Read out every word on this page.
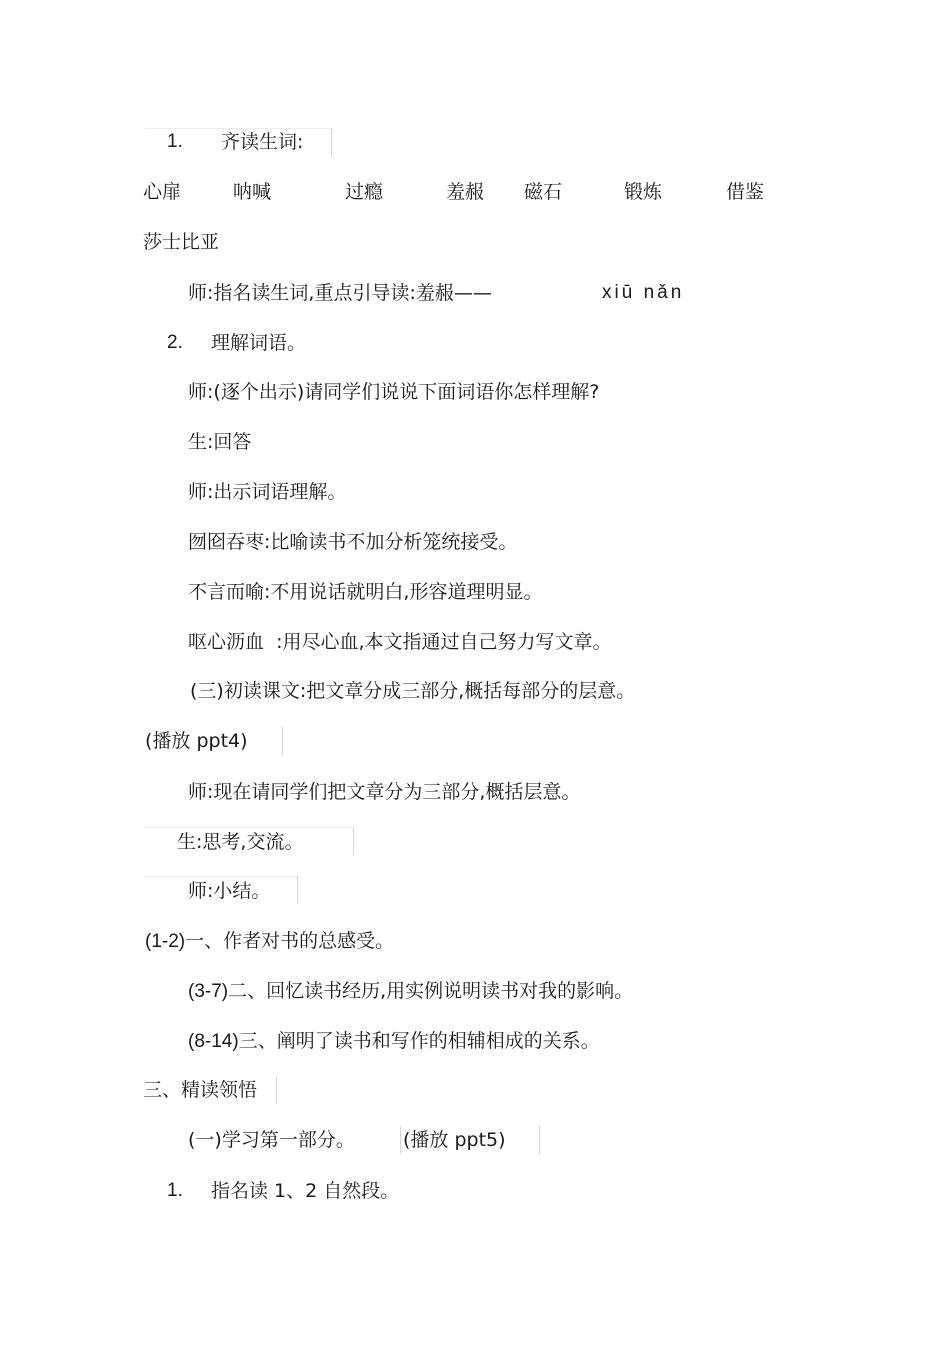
1. 齐读生词:
心扉	呐喊	过瘾	羞赧 磁石	锻炼	借鉴
莎士比亚
师:指名读生词,重点引导读:羞赧——	xiū nǎn
2. 理解词语。
师:(逐个出示)请同学们说说下面词语你怎样理解?
生:回答
师:出示词语理解。
囫囵吞枣:比喻读书不加分析笼统接受。
不言而喻:不用说话就明白,形容道理明显。
呕心沥血  :用尽心血,本文指通过自己努力写文章。
(三)初读课文:把文章分成三部分,概括每部分的层意。
(播放 ppt4)
师:现在请同学们把文章分为三部分,概括层意。
生:思考,交流。
师:小结。
(1-2)一、作者对书的总感受。
(3-7)二、回忆读书经历,用实例说明读书对我的影响。
(8-14)三、阐明了读书和写作的相辅相成的关系。
三、精读领悟
(一)学习第一部分。	(播放 ppt5)
1. 指名读 1、2 自然段。
